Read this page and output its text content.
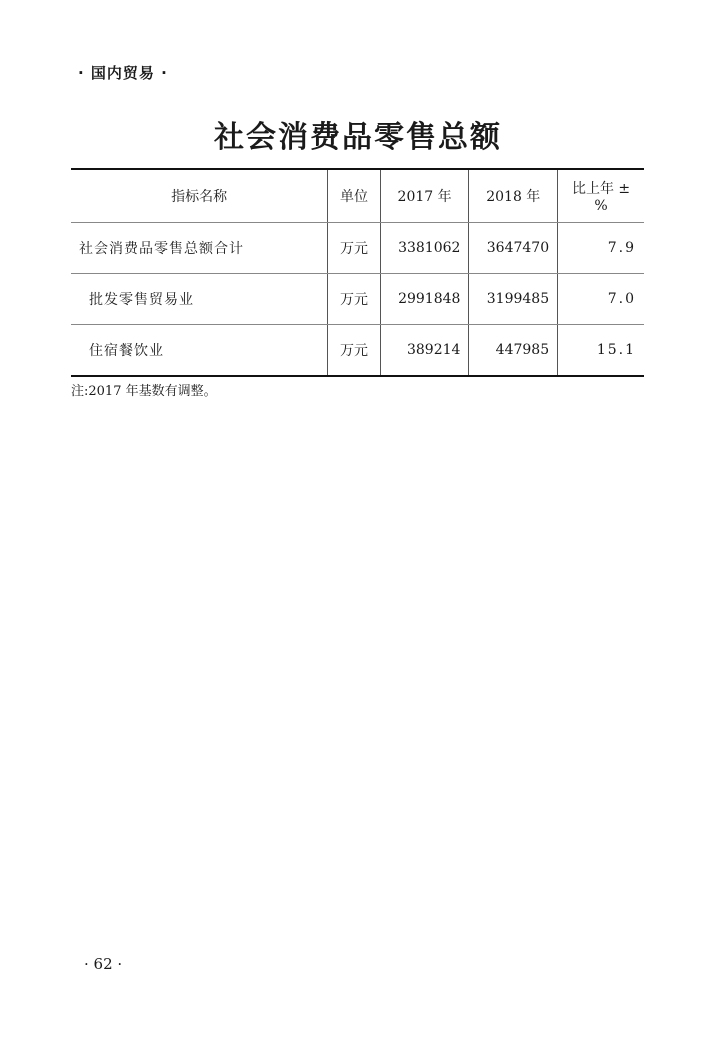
· 国内贸易 ·
社会消费品零售总额
指标名称	单位	2017 年	2018 年	比上年 ± %
社会消费品零售总额合计	万元	3381062	3647470	7.9
批发零售贸易业	万元	2991848	3199485	7.0
住宿餐饮业	万元	389214	447985	15.1
注:2017 年基数有调整。
· 62 ·
